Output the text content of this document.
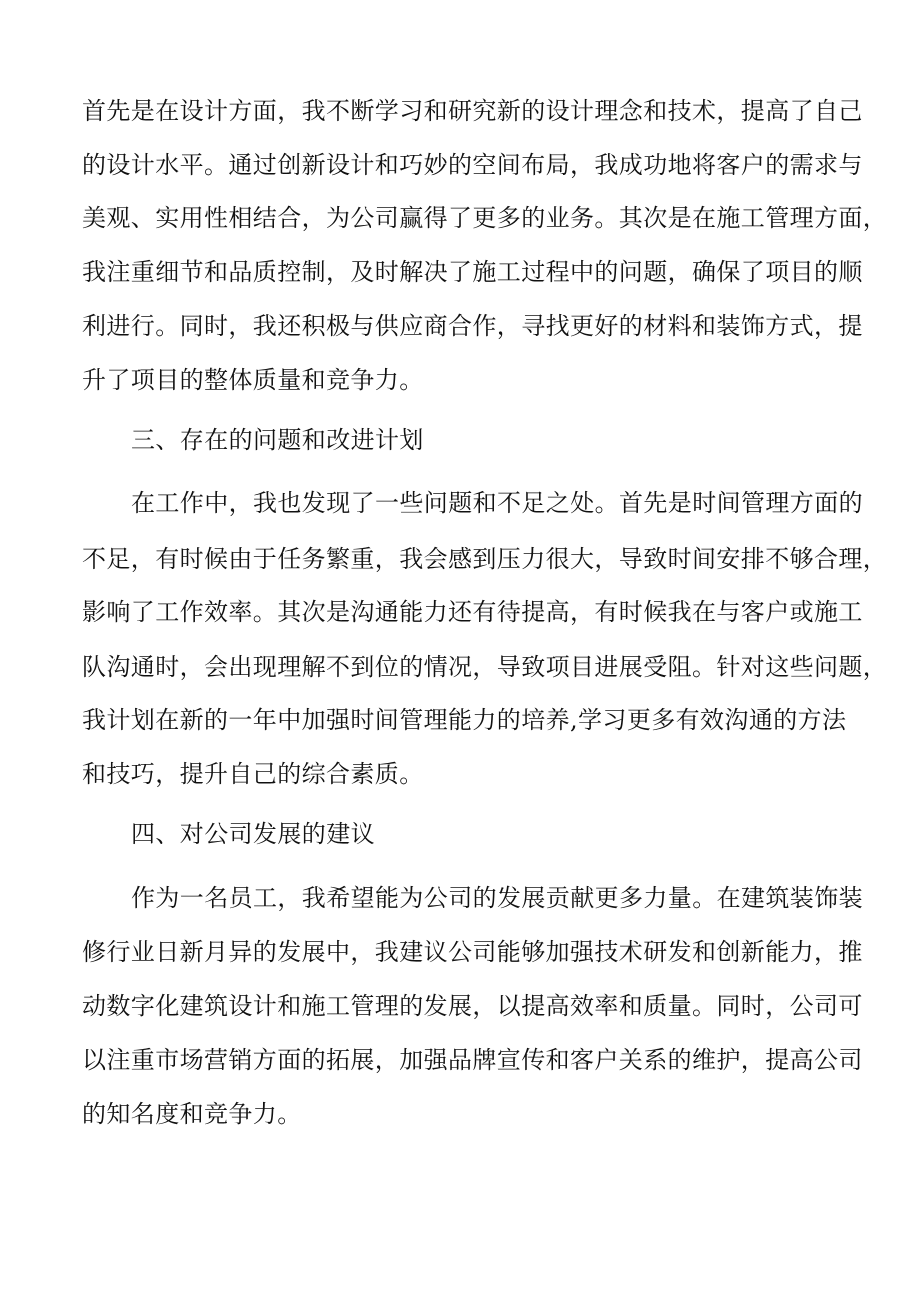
首先是在设计方面，我不断学习和研究新的设计理念和技术，提高了自己
的设计水平。通过创新设计和巧妙的空间布局，我成功地将客户的需求与
美观、实用性相结合，为公司赢得了更多的业务。其次是在施工管理方面，
我注重细节和品质控制，及时解决了施工过程中的问题，确保了项目的顺
利进行。同时，我还积极与供应商合作，寻找更好的材料和装饰方式，提
升了项目的整体质量和竞争力。
三、存在的问题和改进计划
在工作中，我也发现了一些问题和不足之处。首先是时间管理方面的
不足，有时候由于任务繁重，我会感到压力很大，导致时间安排不够合理，
影响了工作效率。其次是沟通能力还有待提高，有时候我在与客户或施工
队沟通时，会出现理解不到位的情况，导致项目进展受阻。针对这些问题，
我计划在新的一年中加强时间管理能力的培养,学习更多有效沟通的方法
和技巧，提升自己的综合素质。
四、对公司发展的建议
作为一名员工，我希望能为公司的发展贡献更多力量。在建筑装饰装
修行业日新月异的发展中，我建议公司能够加强技术研发和创新能力，推
动数字化建筑设计和施工管理的发展，以提高效率和质量。同时，公司可
以注重市场营销方面的拓展，加强品牌宣传和客户关系的维护，提高公司
的知名度和竞争力。
